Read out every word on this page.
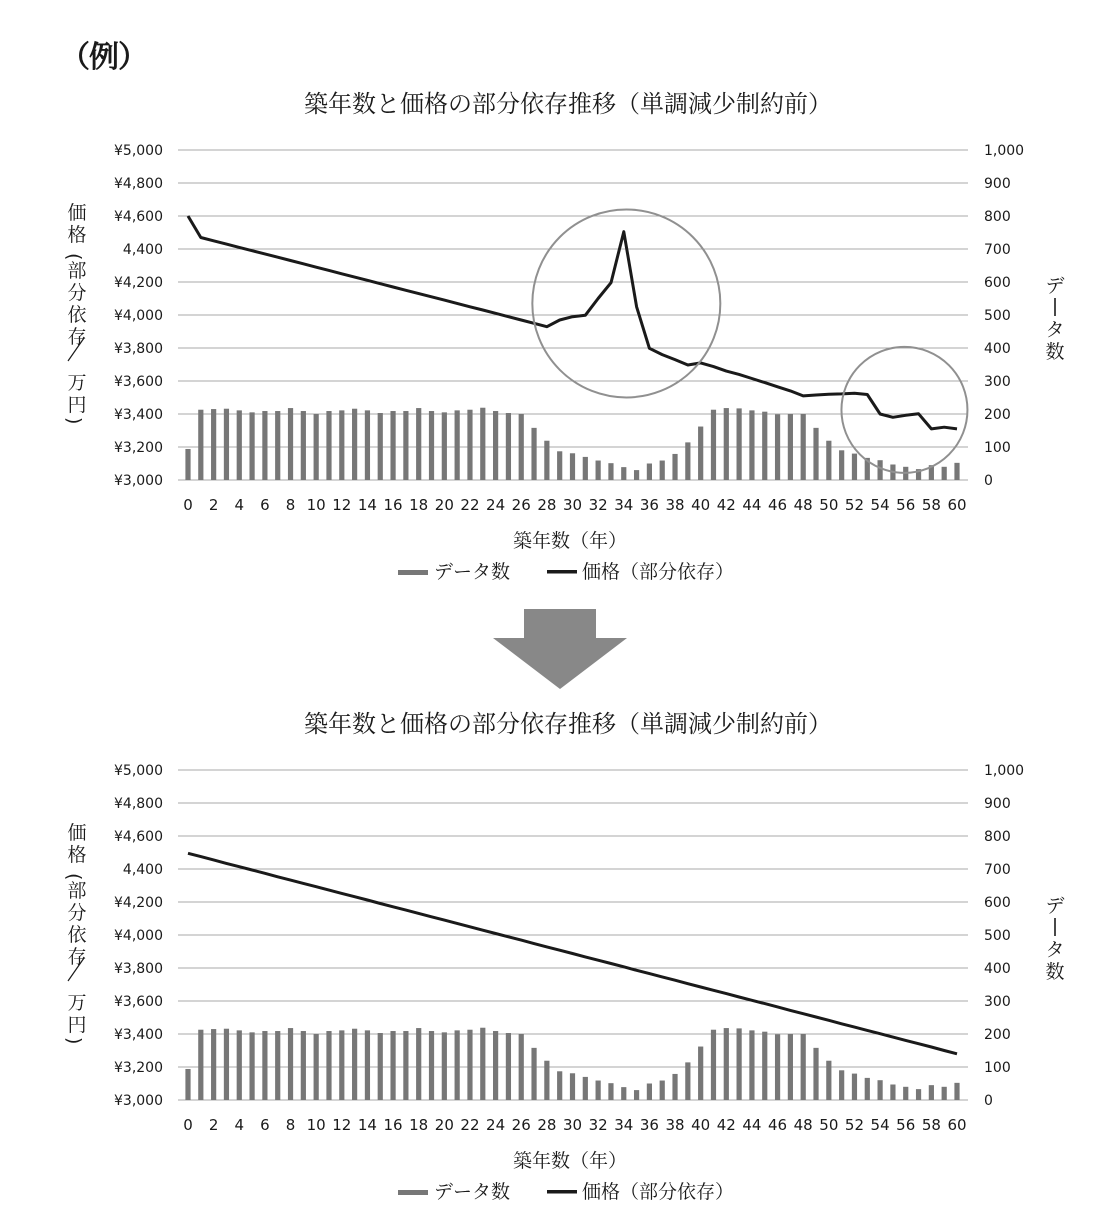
（例）
築年数と価格の部分依存推移（単調減少制約前）
¥3,000	0
¥3,200	100
¥3,400	200
¥3,600	300
¥3,800	400
¥4,000	500
¥4,200	600
4,400	700
¥4,600	800
¥4,800	900
¥5,000	1,000
0 2 4 6 8 10 12 14 16 18 20 22 24 26 28 30 32 34 36 38 40 42 44 46 48 50 52 54 56 58 60
価
格
(
部
分
依
存
万
円
)
デ
タ
数
築年数（年）
データ数	価格（部分依存）
築年数と価格の部分依存推移（単調減少制約前）
¥3,000	0
¥3,200	100
¥3,400	200
¥3,600	300
¥3,800	400
¥4,000	500
¥4,200	600
4,400	700
¥4,600	800
¥4,800	900
¥5,000	1,000
0 2 4 6 8 10 12 14 16 18 20 22 24 26 28 30 32 34 36 38 40 42 44 46 48 50 52 54 56 58 60
価
格
(
部
分
依
存
万
円
)
デ
タ
数
築年数（年）
データ数	価格（部分依存）
